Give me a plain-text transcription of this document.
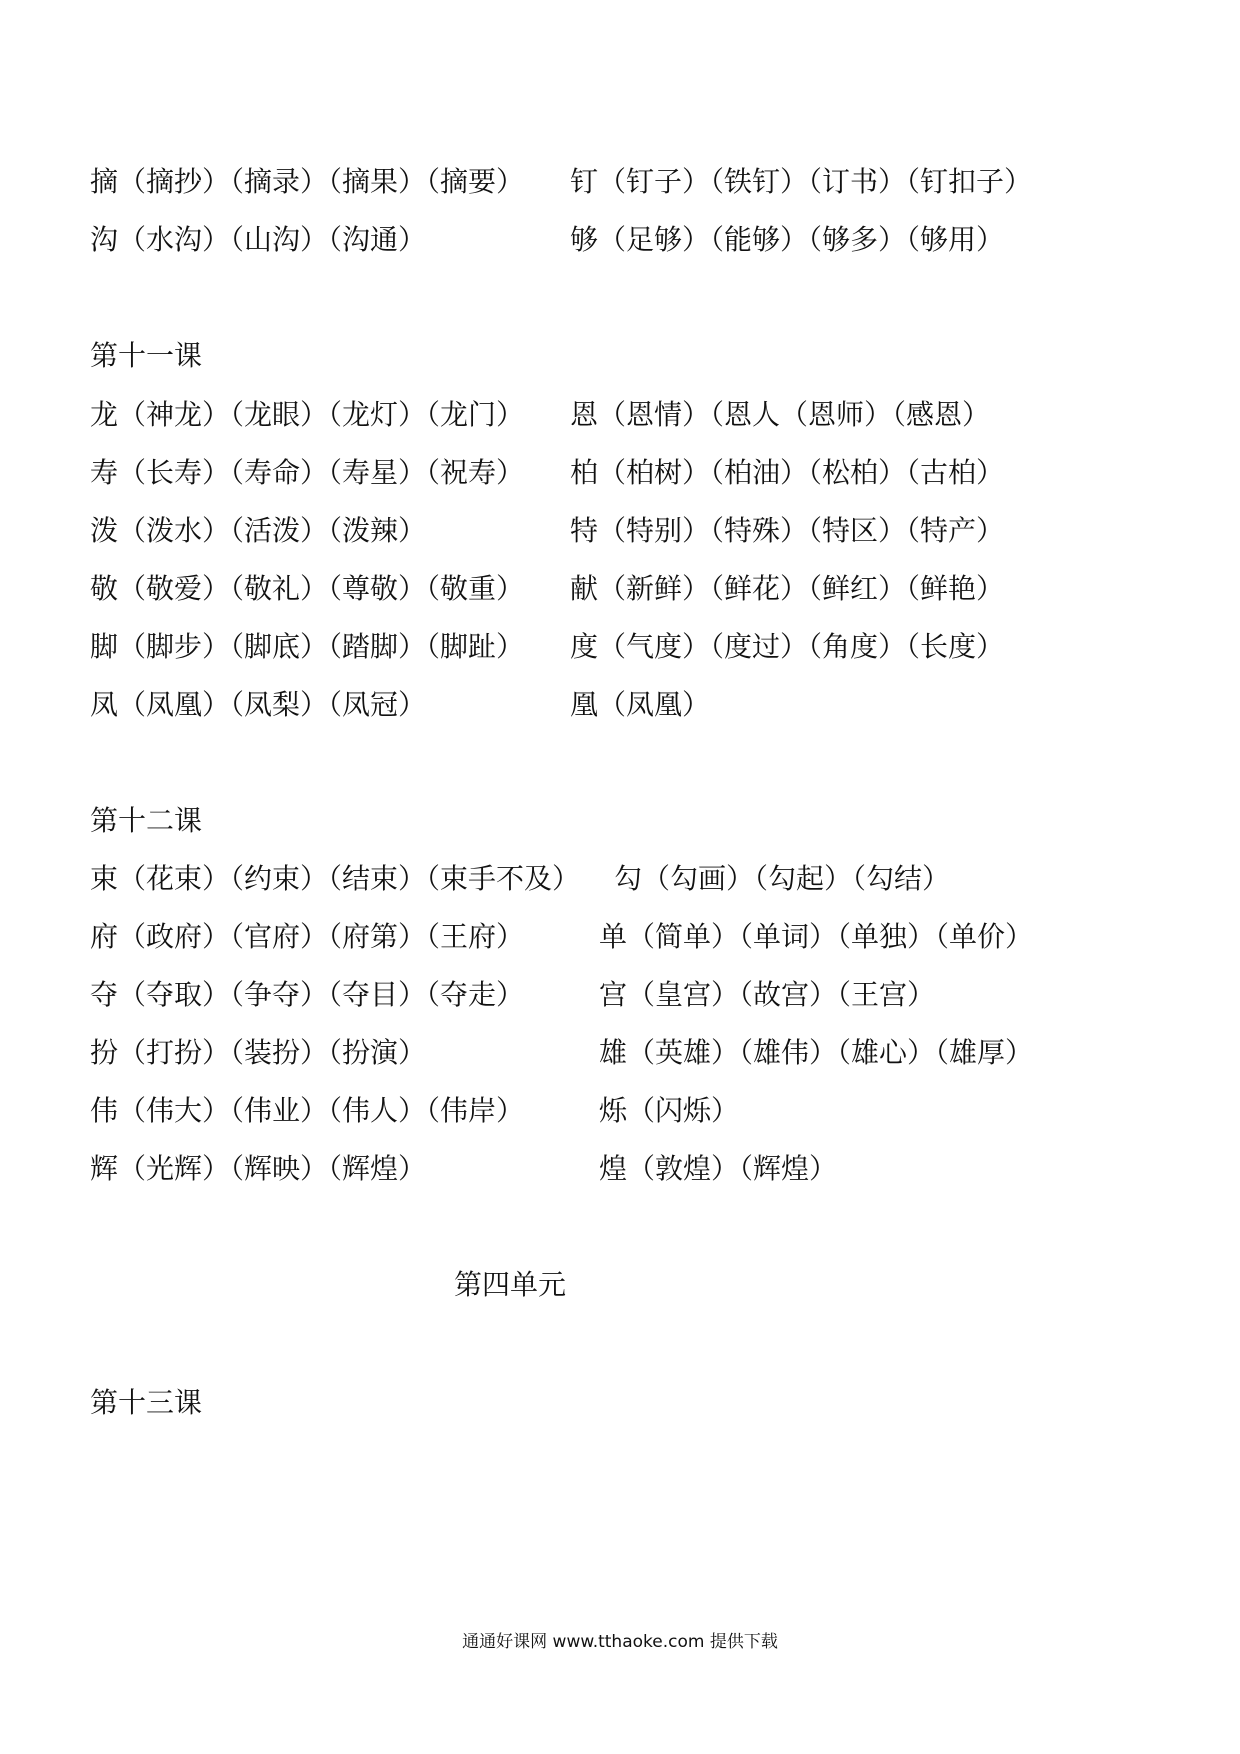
摘（摘抄）（摘录）（摘果）（摘要） 钉（钉子）（铁钉）（订书）（钉扣子）
沟（水沟）（山沟）（沟通）	够（足够）（能够）（够多）（够用）
第十一课
龙（神龙）（龙眼）（龙灯）（龙门） 恩（恩情）（恩人（恩师）（感恩）
寿（长寿）（寿命）（寿星）（祝寿） 柏（柏树）（柏油）（松柏）（古柏）
泼（泼水）（活泼）（泼辣）	特（特别）（特殊）（特区）（特产）
敬（敬爱）（敬礼）（尊敬）（敬重） 献（新鲜）（鲜花）（鲜红）（鲜艳）
脚（脚步）（脚底）（踏脚）（脚趾） 度（气度）（度过）（角度）（长度）
凤（凤凰）（凤梨）（凤冠）	凰（凤凰）
第十二课
束（花束）（约束）（结束）（束手不及） 勾（勾画）（勾起）（勾结）
府（政府）（官府）（府第）（王府）	单（简单）（单词）（单独）（单价）
夺（夺取）（争夺）（夺目）（夺走）	宫（皇宫）（故宫）（王宫）
扮（打扮）（装扮）（扮演）	雄（英雄）（雄伟）（雄心）（雄厚）
伟（伟大）（伟业）（伟人）（伟岸）	烁（闪烁）
辉（光辉）（辉映）（辉煌）	煌（敦煌）（辉煌）
第四单元
第十三课
通通好课网 www.tthaoke.com 提供下载
